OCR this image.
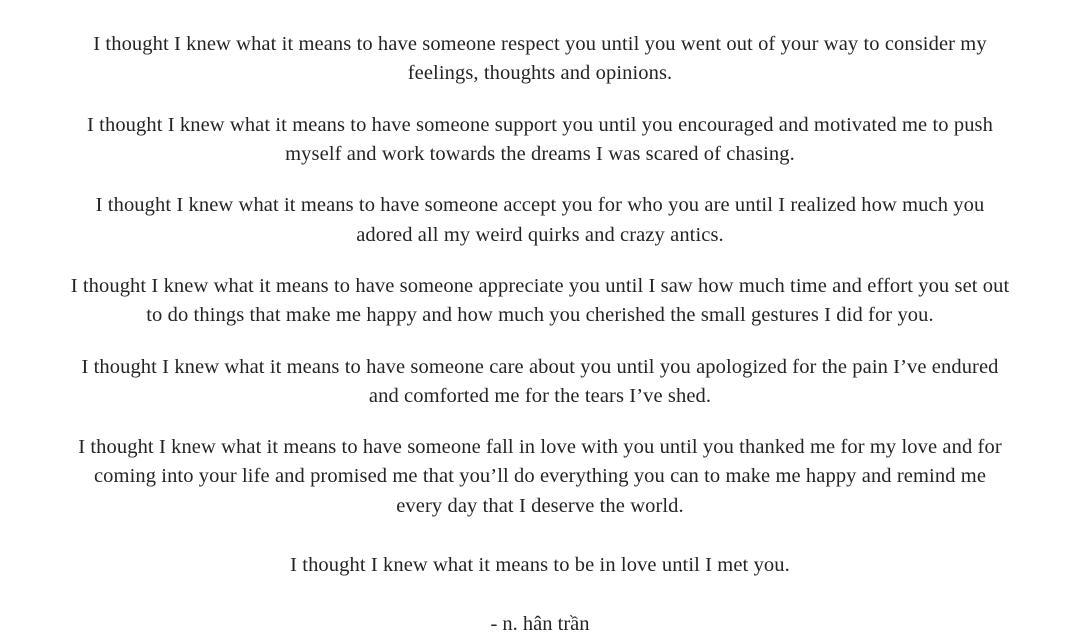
I thought I knew what it means to have someone respect you until you went out of your way to consider my feelings, thoughts and opinions.

I thought I knew what it means to have someone support you until you encouraged and motivated me to push myself and work towards the dreams I was scared of chasing.

I thought I knew what it means to have someone accept you for who you are until I realized how much you adored all my weird quirks and crazy antics.

I thought I knew what it means to have someone appreciate you until I saw how much time and effort you set out to do things that make me happy and how much you cherished the small gestures I did for you.

I thought I knew what it means to have someone care about you until you apologized for the pain I’ve endured and comforted me for the tears I’ve shed.

I thought I knew what it means to have someone fall in love with you until you thanked me for my love and for coming into your life and promised me that you’ll do everything you can to make me happy and remind me every day that I deserve the world.

I thought I knew what it means to be in love until I met you.

- n. hân trần
